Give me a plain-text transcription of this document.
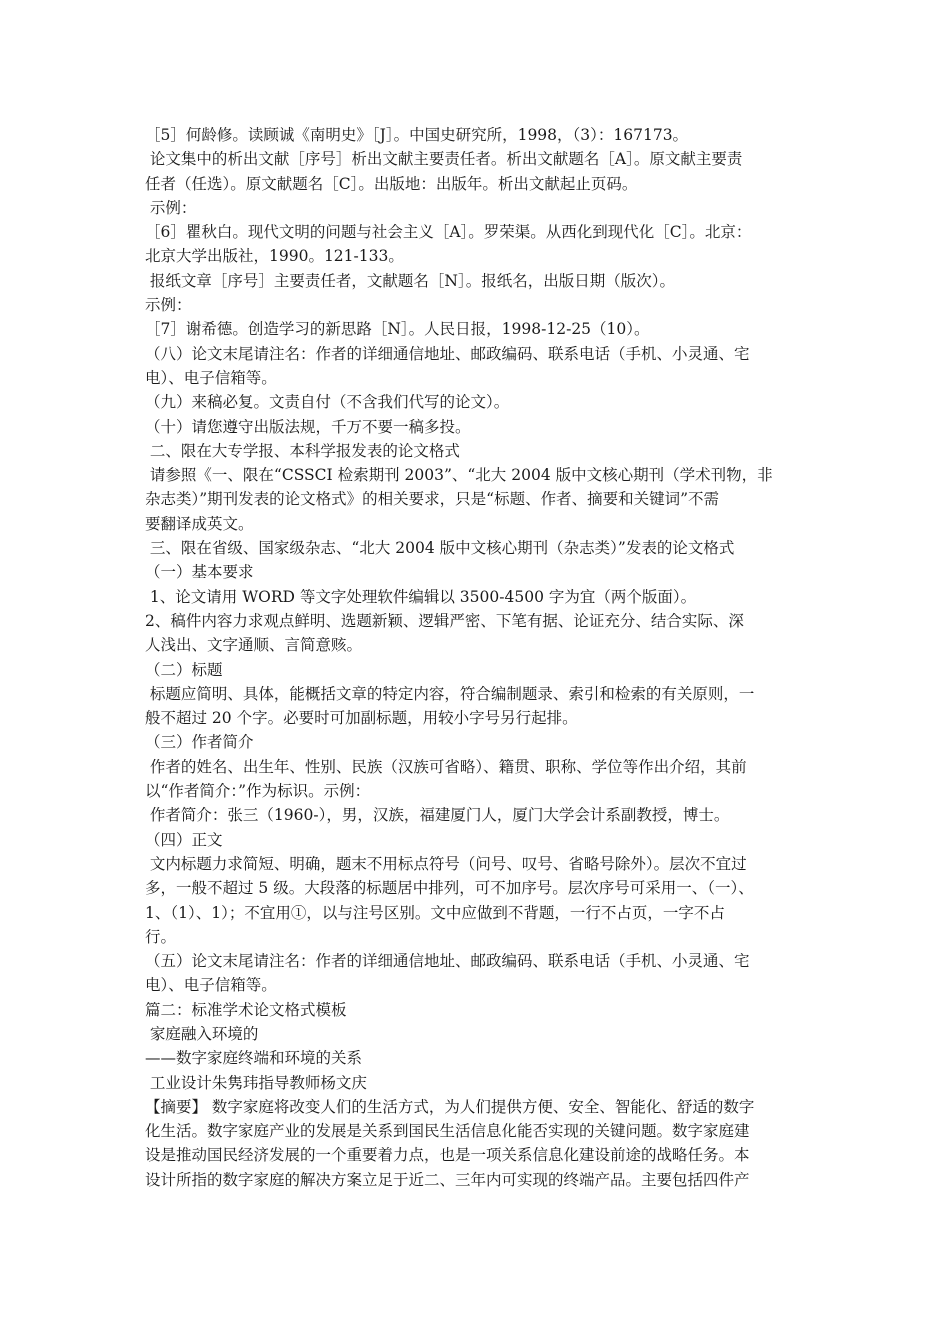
［5］何龄修。读顾诚《南明史》［J］。中国史研究所，1998，（3）：167173。
论文集中的析出文献［序号］析出文献主要责任者。析出文献题名［A］。原文献主要责
任者（任选）。原文献题名［C］。出版地：出版年。析出文献起止页码。
示例：
［6］瞿秋白。现代文明的问题与社会主义［A］。罗荣渠。从西化到现代化［C］。北京：
北京大学出版社，1990。121-133。
报纸文章［序号］主要责任者，文献题名［N］。报纸名，出版日期（版次）。
示例：
［7］谢希德。创造学习的新思路［N］。人民日报，1998-12-25（10）。
（八）论文末尾请注名：作者的详细通信地址、邮政编码、联系电话（手机、小灵通、宅
电）、电子信箱等。
（九）来稿必复。文责自付（不含我们代写的论文）。
（十）请您遵守出版法规，千万不要一稿多投。
二、限在大专学报、本科学报发表的论文格式
请参照《一、限在“CSSCI 检索期刊 2003”、“北大 2004 版中文核心期刊（学术刊物，非
杂志类）”期刊发表的论文格式》的相关要求，只是“标题、作者、摘要和关键词”不需
要翻译成英文。
三、限在省级、国家级杂志、“北大 2004 版中文核心期刊（杂志类）”发表的论文格式
（一）基本要求
1、论文请用 WORD 等文字处理软件编辑以 3500-4500 字为宜（两个版面）。
2、稿件内容力求观点鲜明、选题新颖、逻辑严密、下笔有据、论证充分、结合实际、深
人浅出、文字通顺、言简意赅。
（二）标题
标题应简明、具体，能概括文章的特定内容，符合编制题录、索引和检索的有关原则，一
般不超过 20 个字。必要时可加副标题，用较小字号另行起排。
（三）作者简介
作者的姓名、出生年、性别、民族（汉族可省略）、籍贯、职称、学位等作出介绍，其前
以“作者简介：”作为标识。示例：
作者简介：张三（1960-），男，汉族，福建厦门人，厦门大学会计系副教授，博士。
（四）正文
文内标题力求简短、明确，题末不用标点符号（问号、叹号、省略号除外）。层次不宜过
多，一般不超过 5 级。大段落的标题居中排列，可不加序号。层次序号可采用一、（一）、
1、（1）、1）；不宜用①，以与注号区别。文中应做到不背题，一行不占页，一字不占
行。
（五）论文末尾请注名：作者的详细通信地址、邮政编码、联系电话（手机、小灵通、宅
电）、电子信箱等。
篇二：标准学术论文格式模板
家庭融入环境的
——数字家庭终端和环境的关系
工业设计朱隽玮指导教师杨文庆
【摘要】 数字家庭将改变人们的生活方式，为人们提供方便、安全、智能化、舒适的数字
化生活。数字家庭产业的发展是关系到国民生活信息化能否实现的关键问题。数字家庭建
设是推动国民经济发展的一个重要着力点，也是一项关系信息化建设前途的战略任务。本
设计所指的数字家庭的解决方案立足于近二、三年内可实现的终端产品。主要包括四件产
